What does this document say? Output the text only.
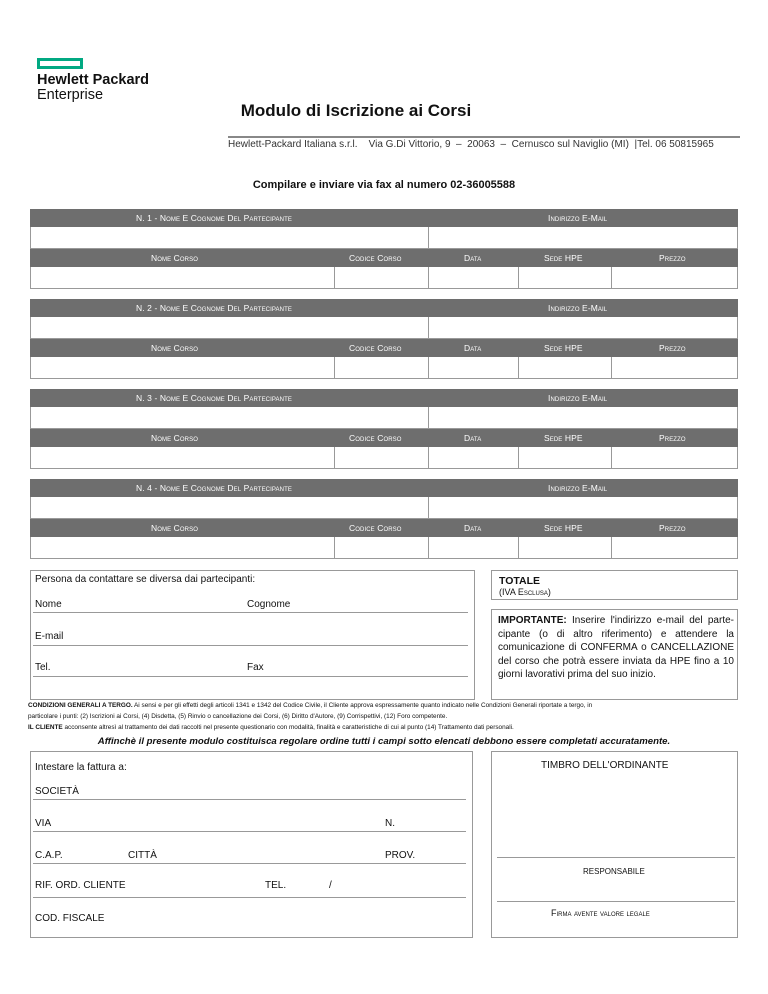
Hewlett Packard
Enterprise
Modulo di Iscrizione ai Corsi
Hewlett-Packard Italiana s.r.l.    Via G.Di Vittorio, 9  –  20063  –  Cernusco sul Naviglio (MI)  |Tel. 06 50815965
Compilare e inviare via fax al numero 02-36005588
N. 1 - Nome E Cognome Del Partecipante	Indirizzo E-Mail
Nome Corso	Codice Corso	Data	Sede HPE	Prezzo
N. 2 - Nome E Cognome Del Partecipante	Indirizzo E-Mail
Nome Corso	Codice Corso	Data	Sede HPE	Prezzo
N. 3 - Nome E Cognome Del Partecipante	Indirizzo E-Mail
Nome Corso	Codice Corso	Data	Sede HPE	Prezzo
N. 4 - Nome E Cognome Del Partecipante	Indirizzo E-Mail
Nome Corso	Codice Corso	Data	Sede HPE	Prezzo
Persona da contattare se diversa dai partecipanti:
Nome	Cognome
E-mail
Tel.	Fax
TOTALE
(IVA Esclusa)
IMPORTANTE: Inserire l'indirizzo e-mail del parte-cipante (o di altro riferimento) e attendere la comunicazione di CONFERMA o CANCELLAZIONE del corso che potrà essere inviata da HPE fino a 10 giorni lavorativi prima del suo inizio.
CONDIZIONI GENERALI A TERGO. Ai sensi e per gli effetti degli articoli 1341 e 1342 del Codice Civile, il Cliente approva espressamente quanto indicato nelle Condizioni Generali riportate a tergo, in
particolare i punti: (2) Iscrizioni ai Corsi, (4) Disdetta, (5) Rinvio o cancellazione dei Corsi, (6) Diritto d'Autore, (9) Corrispettivi, (12) Foro competente.
IL CLIENTE acconsente altresì al trattamento dei dati raccolti nel presente questionario con modalità, finalità e caratteristiche di cui al punto (14) Trattamento dati personali.
Affinchè il presente modulo costituisca regolare ordine tutti i campi sotto elencati debbono essere completati accuratamente.
Intestare la fattura a:
SOCIETÀ
VIA	N.
C.A.P.	CITTÀ	PROV.
RIF. ORD. CLIENTE	TEL.	/
COD. FISCALE
TIMBRO DELL'ORDINANTE
RESPONSABILE
Firma avente valore legale
